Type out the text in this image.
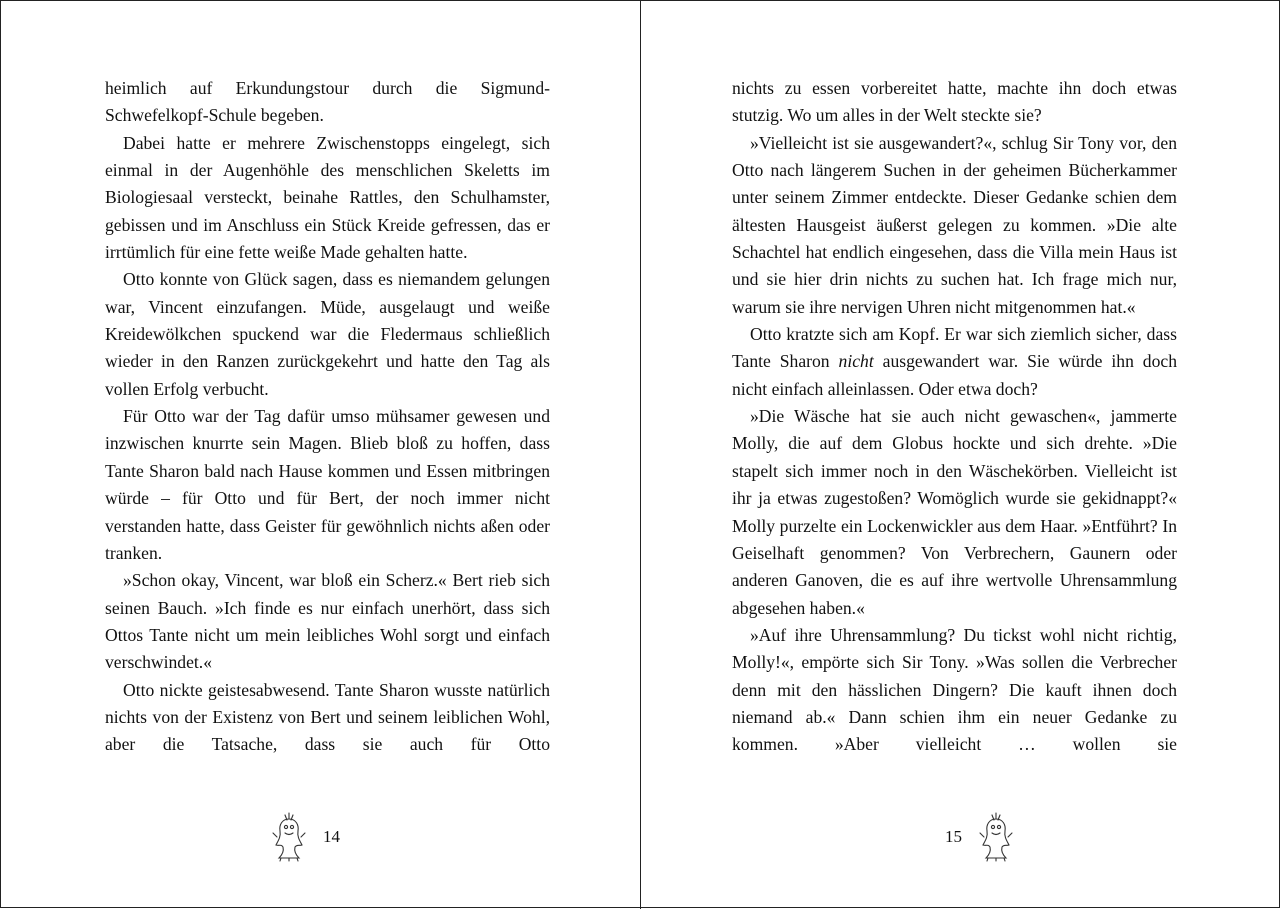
heimlich auf Erkundungstour durch die Sigmund-Schwefelkopf-Schule begeben.

Dabei hatte er mehrere Zwischenstopps eingelegt, sich einmal in der Augenhöhle des menschlichen Skeletts im Biologiesaal versteckt, beinahe Rattles, den Schulhamster, gebissen und im Anschluss ein Stück Kreide gefressen, das er irrtümlich für eine fette weiße Made gehalten hatte.

Otto konnte von Glück sagen, dass es niemandem gelungen war, Vincent einzufangen. Müde, ausgelaugt und weiße Kreidewölkchen spuckend war die Fledermaus schließlich wieder in den Ranzen zurückgekehrt und hatte den Tag als vollen Erfolg verbucht.

Für Otto war der Tag dafür umso mühsamer gewesen und inzwischen knurrte sein Magen. Blieb bloß zu hoffen, dass Tante Sharon bald nach Hause kommen und Essen mitbringen würde – für Otto und für Bert, der noch immer nicht verstanden hatte, dass Geister für gewöhnlich nichts aßen oder tranken.

»Schon okay, Vincent, war bloß ein Scherz.« Bert rieb sich seinen Bauch. »Ich finde es nur einfach unerhört, dass sich Ottos Tante nicht um mein leibliches Wohl sorgt und einfach verschwindet.«

Otto nickte geistesabwesend. Tante Sharon wusste natürlich nichts von der Existenz von Bert und seinem leiblichen Wohl, aber die Tatsache, dass sie auch für Otto

nichts zu essen vorbereitet hatte, machte ihn doch etwas stutzig. Wo um alles in der Welt steckte sie?

»Vielleicht ist sie ausgewandert?«, schlug Sir Tony vor, den Otto nach längerem Suchen in der geheimen Bücherkammer unter seinem Zimmer entdeckte. Dieser Gedanke schien dem ältesten Hausgeist äußerst gelegen zu kommen. »Die alte Schachtel hat endlich eingesehen, dass die Villa mein Haus ist und sie hier drin nichts zu suchen hat. Ich frage mich nur, warum sie ihre nervigen Uhren nicht mitgenommen hat.«

Otto kratzte sich am Kopf. Er war sich ziemlich sicher, dass Tante Sharon nicht ausgewandert war. Sie würde ihn doch nicht einfach alleinlassen. Oder etwa doch?

»Die Wäsche hat sie auch nicht gewaschen«, jammerte Molly, die auf dem Globus hockte und sich drehte. »Die stapelt sich immer noch in den Wäschekörben. Vielleicht ist ihr ja etwas zugestoßen? Womöglich wurde sie gekidnappt?« Molly purzelte ein Lockenwickler aus dem Haar. »Entführt? In Geiselhaft genommen? Von Verbrechern, Gaunern oder anderen Ganoven, die es auf ihre wertvolle Uhrensammlung abgesehen haben.«

»Auf ihre Uhrensammlung? Du tickst wohl nicht richtig, Molly!«, empörte sich Sir Tony. »Was sollen die Verbrecher denn mit den hässlichen Dingern? Die kauft ihnen doch niemand ab.« Dann schien ihm ein neuer Gedanke zu kommen. »Aber vielleicht … wollen sie

14	15
